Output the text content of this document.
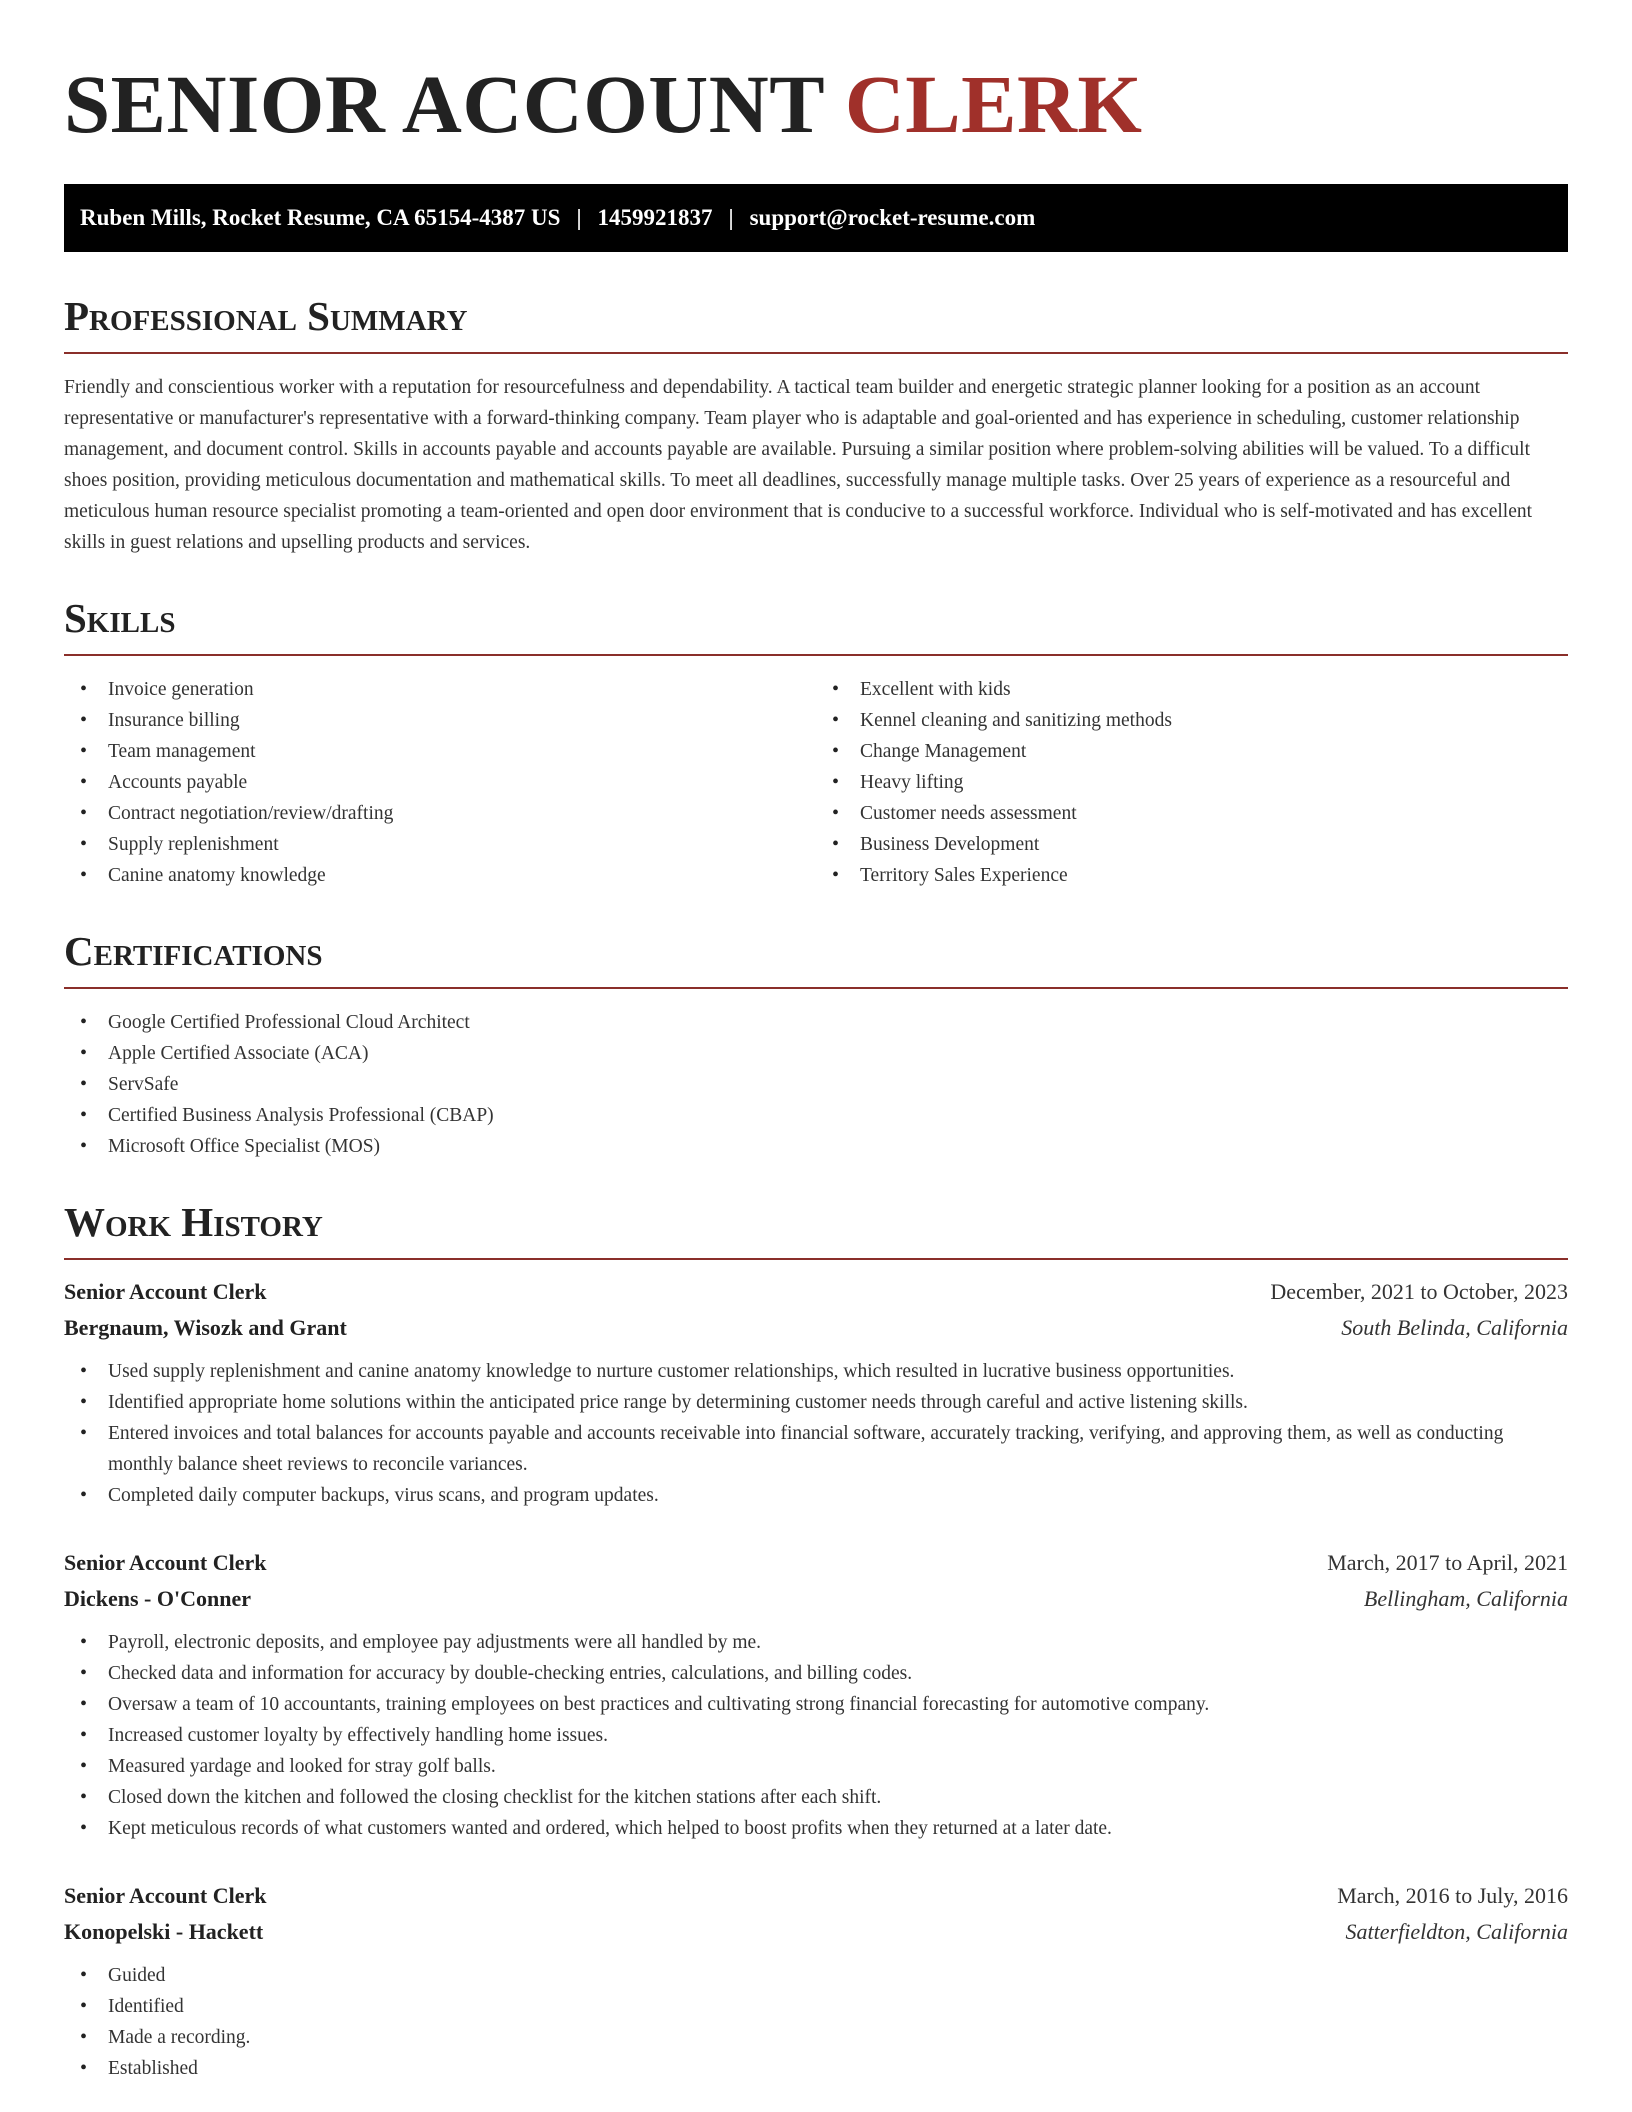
SENIOR ACCOUNT CLERK
Ruben Mills, Rocket Resume, CA 65154-4387 US | 1459921837 | support@rocket-resume.com
Professional Summary

Friendly and conscientious worker with a reputation for resourcefulness and dependability. A tactical team builder and energetic strategic planner looking for a position as an account representative or manufacturer's representative with a forward-thinking company. Team player who is adaptable and goal-oriented and has experience in scheduling, customer relationship management, and document control. Skills in accounts payable and accounts payable are available. Pursuing a similar position where problem-solving abilities will be valued. To a difficult shoes position, providing meticulous documentation and mathematical skills. To meet all deadlines, successfully manage multiple tasks. Over 25 years of experience as a resourceful and meticulous human resource specialist promoting a team-oriented and open door environment that is conducive to a successful workforce. Individual who is self-motivated and has excellent skills in guest relations and upselling products and services.

Skills
• Invoice generation
• Insurance billing
• Team management
• Accounts payable
• Contract negotiation/review/drafting
• Supply replenishment
• Canine anatomy knowledge
• Excellent with kids
• Kennel cleaning and sanitizing methods
• Change Management
• Heavy lifting
• Customer needs assessment
• Business Development
• Territory Sales Experience
Certifications
• Google Certified Professional Cloud Architect
• Apple Certified Associate (ACA)
• ServSafe
• Certified Business Analysis Professional (CBAP)
• Microsoft Office Specialist (MOS)
Work History
Senior Account Clerk	December, 2021 to October, 2023
Bergnaum, Wisozk and Grant	South Belinda, California
• Used supply replenishment and canine anatomy knowledge to nurture customer relationships, which resulted in lucrative business opportunities.
• Identified appropriate home solutions within the anticipated price range by determining customer needs through careful and active listening skills.
• Entered invoices and total balances for accounts payable and accounts receivable into financial software, accurately tracking, verifying, and approving them, as well as conducting monthly balance sheet reviews to reconcile variances.
• Completed daily computer backups, virus scans, and program updates.
Senior Account Clerk	March, 2017 to April, 2021
Dickens - O'Conner	Bellingham, California
• Payroll, electronic deposits, and employee pay adjustments were all handled by me.
• Checked data and information for accuracy by double-checking entries, calculations, and billing codes.
• Oversaw a team of 10 accountants, training employees on best practices and cultivating strong financial forecasting for automotive company.
• Increased customer loyalty by effectively handling home issues.
• Measured yardage and looked for stray golf balls.
• Closed down the kitchen and followed the closing checklist for the kitchen stations after each shift.
• Kept meticulous records of what customers wanted and ordered, which helped to boost profits when they returned at a later date.
Senior Account Clerk	March, 2016 to July, 2016
Konopelski - Hackett	Satterfieldton, California
• Guided
• Identified
• Made a recording.
• Established
